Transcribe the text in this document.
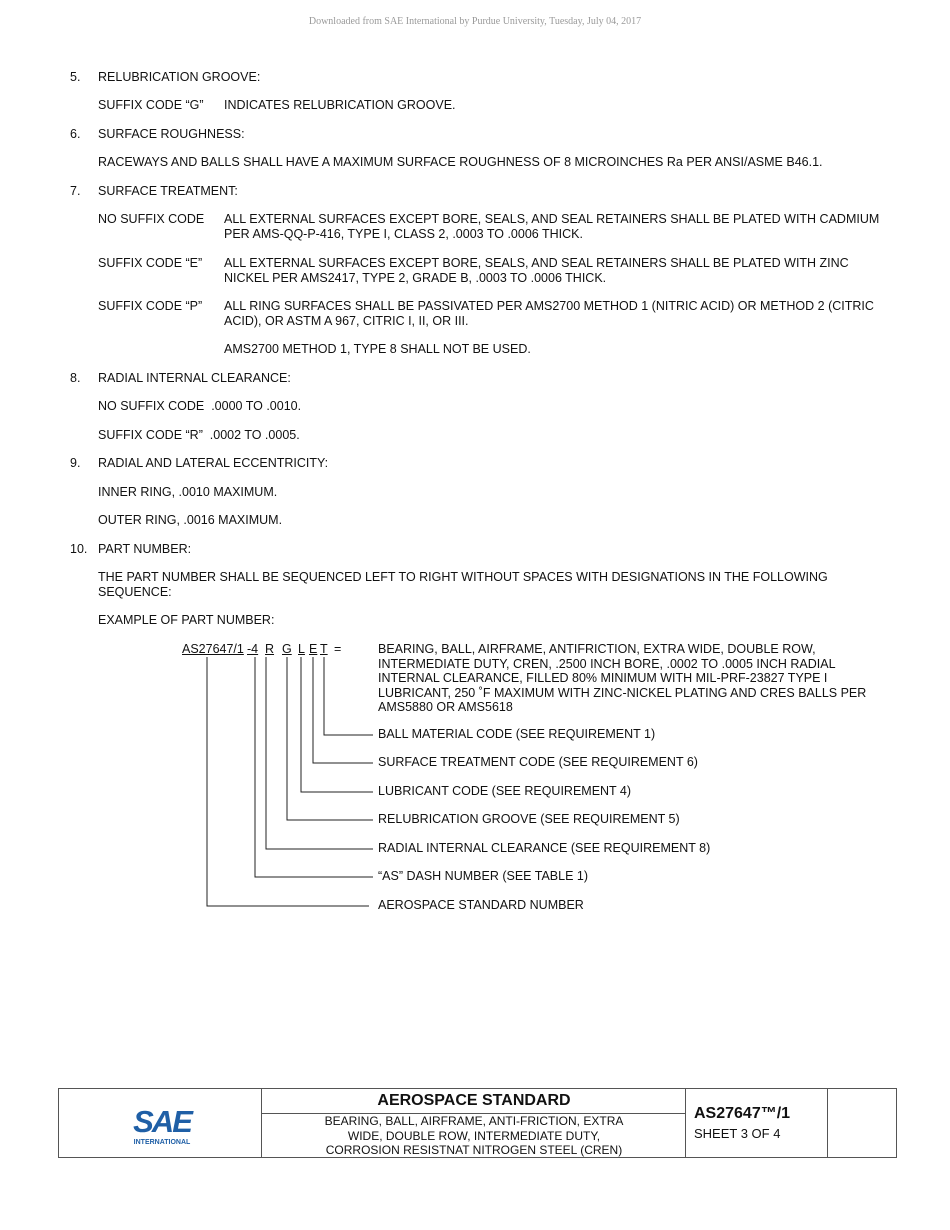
Downloaded from SAE International by Purdue University, Tuesday, July 04, 2017
5. RELUBRICATION GROOVE:
SUFFIX CODE “G” INDICATES RELUBRICATION GROOVE.
6. SURFACE ROUGHNESS:
RACEWAYS AND BALLS SHALL HAVE A MAXIMUM SURFACE ROUGHNESS OF 8 MICROINCHES Ra PER ANSI/ASME B46.1.
7. SURFACE TREATMENT:
NO SUFFIX CODE ALL EXTERNAL SURFACES EXCEPT BORE, SEALS, AND SEAL RETAINERS SHALL BE PLATED WITH CADMIUM PER AMS-QQ-P-416, TYPE I, CLASS 2, .0003 TO .0006 THICK.
SUFFIX CODE “E” ALL EXTERNAL SURFACES EXCEPT BORE, SEALS, AND SEAL RETAINERS SHALL BE PLATED WITH ZINC NICKEL PER AMS2417, TYPE 2, GRADE B, .0003 TO .0006 THICK.
SUFFIX CODE “P” ALL RING SURFACES SHALL BE PASSIVATED PER AMS2700 METHOD 1 (NITRIC ACID) OR METHOD 2 (CITRIC ACID), OR ASTM A 967, CITRIC I, II, OR III.
AMS2700 METHOD 1, TYPE 8 SHALL NOT BE USED.
8. RADIAL INTERNAL CLEARANCE:
NO SUFFIX CODE  .0000 TO .0010.
SUFFIX CODE “R”  .0002 TO .0005.
9. RADIAL AND LATERAL ECCENTRICITY:
INNER RING, .0010 MAXIMUM.
OUTER RING, .0016 MAXIMUM.
10. PART NUMBER:
THE PART NUMBER SHALL BE SEQUENCED LEFT TO RIGHT WITHOUT SPACES WITH DESIGNATIONS IN THE FOLLOWING SEQUENCE:
EXAMPLE OF PART NUMBER:
AS27647/1 -4 R G L E T =	BEARING, BALL, AIRFRAME, ANTIFRICTION, EXTRA WIDE, DOUBLE ROW, INTERMEDIATE DUTY, CREN, .2500 INCH BORE, .0002 TO .0005 INCH RADIAL INTERNAL CLEARANCE, FILLED 80% MINIMUM WITH MIL-PRF-23827 TYPE I LUBRICANT, 250 ˚F MAXIMUM WITH ZINC-NICKEL PLATING AND CRES BALLS PER AMS5880 OR AMS5618
BALL MATERIAL CODE (SEE REQUIREMENT 1)
SURFACE TREATMENT CODE (SEE REQUIREMENT 6)
LUBRICANT CODE (SEE REQUIREMENT 4)
RELUBRICATION GROOVE (SEE REQUIREMENT 5)
RADIAL INTERNAL CLEARANCE (SEE REQUIREMENT 8)
“AS” DASH NUMBER (SEE TABLE 1)
AEROSPACE STANDARD NUMBER
SAE
INTERNATIONAL
AEROSPACE STANDARD
BEARING, BALL, AIRFRAME, ANTI-FRICTION, EXTRA
WIDE, DOUBLE ROW, INTERMEDIATE DUTY,
CORROSION RESISTNAT NITROGEN STEEL (CREN)
AS27647™/1
SHEET 3 OF 4
